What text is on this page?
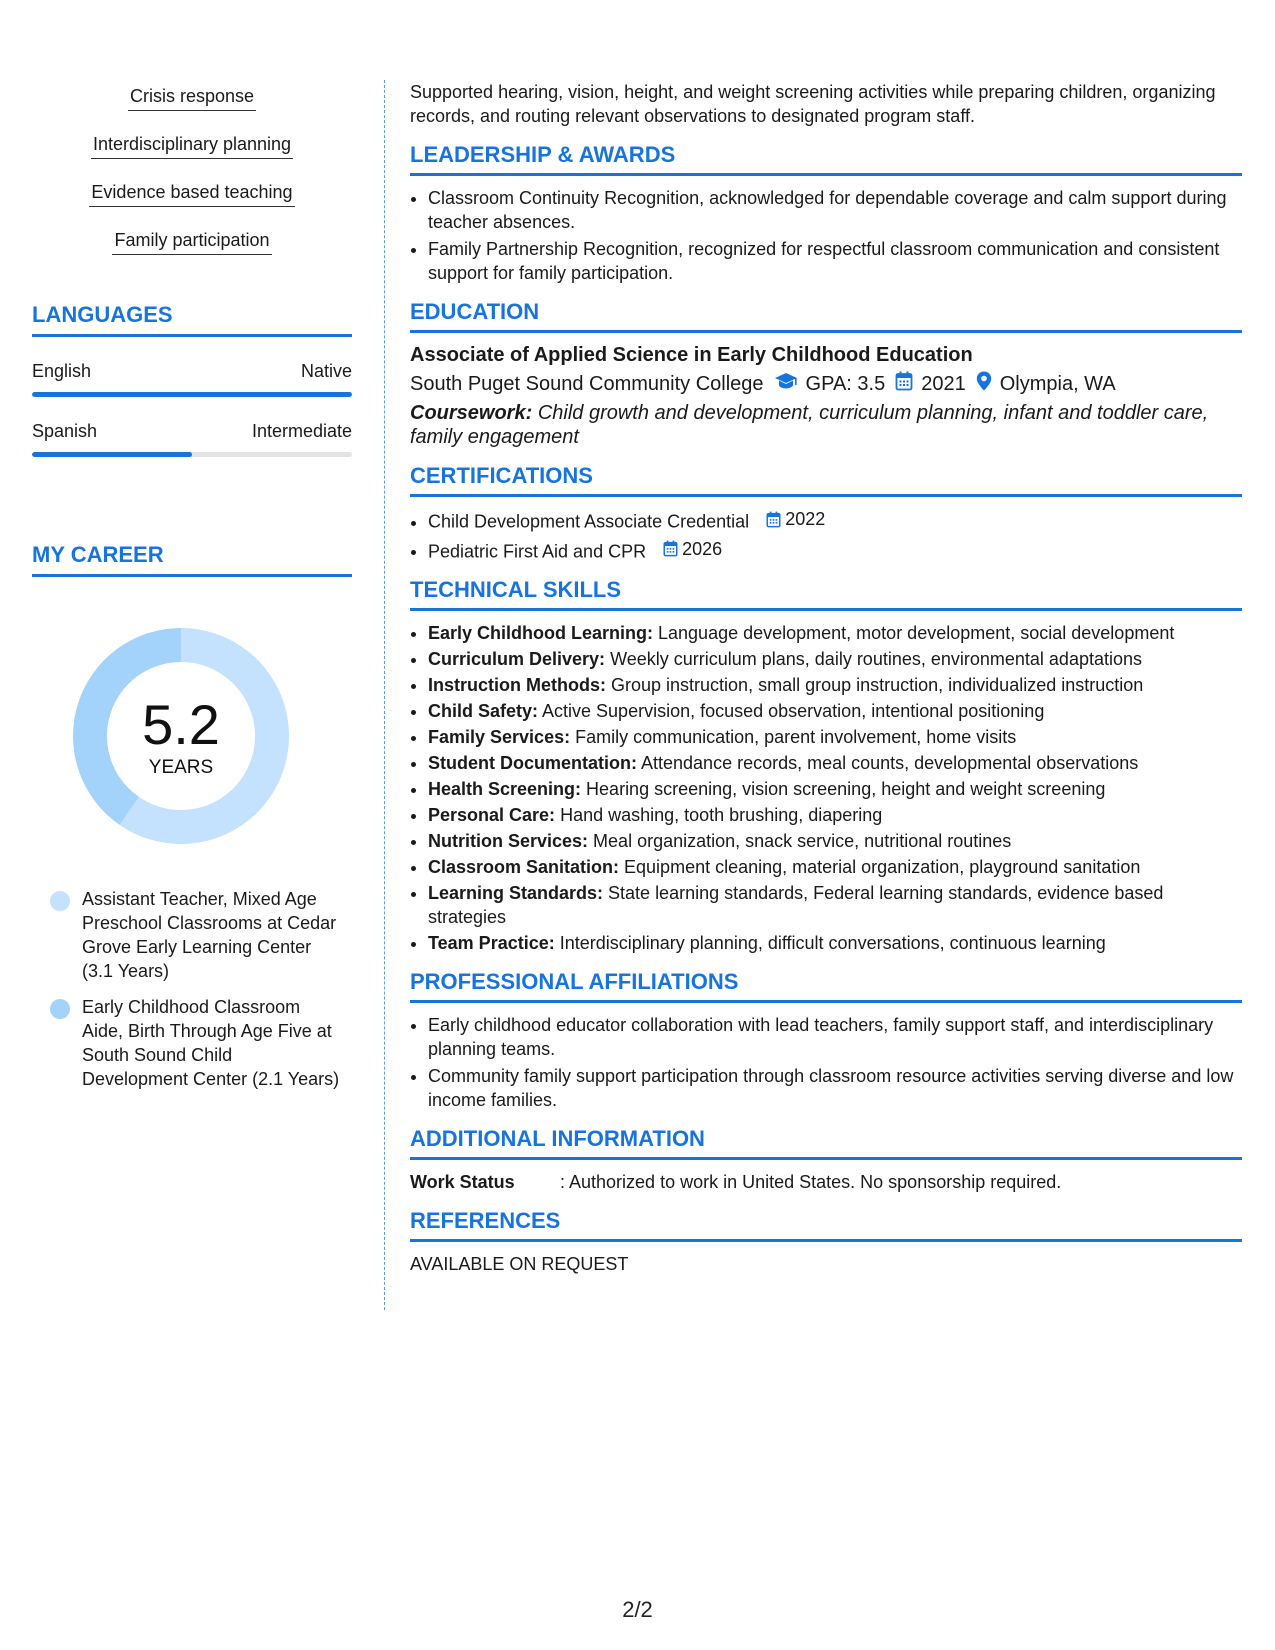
Crisis response
Interdisciplinary planning
Evidence based teaching
Family participation
LANGUAGES
English	Native
Spanish	Intermediate
MY CAREER
5.2
YEARS
Assistant Teacher, Mixed Age Preschool Classrooms at Cedar Grove Early Learning Center (3.1 Years)
Early Childhood Classroom Aide, Birth Through Age Five at South Sound Child Development Center (2.1 Years)

Supported hearing, vision, height, and weight screening activities while preparing children, organizing records, and routing relevant observations to designated program staff.

LEADERSHIP & AWARDS
• Classroom Continuity Recognition, acknowledged for dependable coverage and calm support during teacher absences.
• Family Partnership Recognition, recognized for respectful classroom communication and consistent support for family participation.
EDUCATION
Associate of Applied Science in Early Childhood Education
South Puget Sound Community College GPA: 3.5 2021 Olympia, WA

Coursework: Child growth and development, curriculum planning, infant and toddler care, family engagement

CERTIFICATIONS
• Child Development Associate Credential 2022
• Pediatric First Aid and CPR 2026
TECHNICAL SKILLS
• Early Childhood Learning: Language development, motor development, social development
• Curriculum Delivery: Weekly curriculum plans, daily routines, environmental adaptations
• Instruction Methods: Group instruction, small group instruction, individualized instruction
• Child Safety: Active Supervision, focused observation, intentional positioning
• Family Services: Family communication, parent involvement, home visits
• Student Documentation: Attendance records, meal counts, developmental observations
• Health Screening: Hearing screening, vision screening, height and weight screening
• Personal Care: Hand washing, tooth brushing, diapering
• Nutrition Services: Meal organization, snack service, nutritional routines
• Classroom Sanitation: Equipment cleaning, material organization, playground sanitation
• Learning Standards: State learning standards, Federal learning standards, evidence based strategies
• Team Practice: Interdisciplinary planning, difficult conversations, continuous learning
PROFESSIONAL AFFILIATIONS
• Early childhood educator collaboration with lead teachers, family support staff, and interdisciplinary planning teams.
• Community family support participation through classroom resource activities serving diverse and low income families.
ADDITIONAL INFORMATION
Work Status	: Authorized to work in United States. No sponsorship required.
REFERENCES

AVAILABLE ON REQUEST

2/2
